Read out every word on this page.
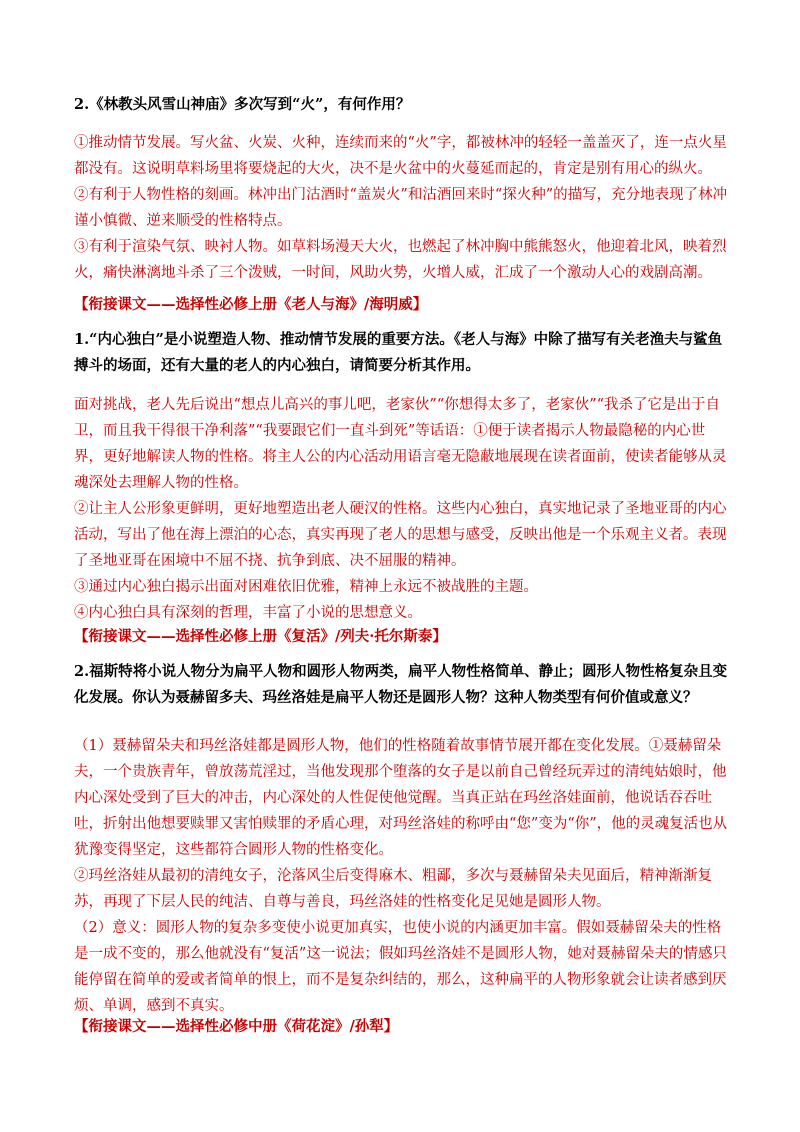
2.《林教头风雪山神庙》多次写到“火”，有何作用？

①推动情节发展。写火盆、火炭、火种，连续而来的“火”字，都被林冲的轻轻一盖盖灭了，连一点火星都没有。这说明草料场里将要烧起的大火，决不是火盆中的火蔓延而起的，肯定是别有用心的纵火。

②有利于人物性格的刻画。林冲出门沽酒时“盖炭火”和沽酒回来时“探火种”的描写，充分地表现了林冲谨小慎微、逆来顺受的性格特点。

③有利于渲染气氛、映衬人物。如草料场漫天大火，也燃起了林冲胸中熊熊怒火，他迎着北风，映着烈火，痛快淋漓地斗杀了三个泼贼，一时间，风助火势，火增人威，汇成了一个激动人心的戏剧高潮。

【衔接课文——选择性必修上册《老人与海》/海明威】
1.“内心独白”是小说塑造人物、推动情节发展的重要方法。《老人与海》中除了描写有关老渔夫与鲨鱼搏斗的场面，还有大量的老人的内心独白，请简要分析其作用。

面对挑战，老人先后说出“想点儿高兴的事儿吧，老家伙”“你想得太多了，老家伙”“我杀了它是出于自卫，而且我干得很干净利落”“我要跟它们一直斗到死”等话语：①便于读者揭示人物最隐秘的内心世界，更好地解读人物的性格。将主人公的内心活动用语言毫无隐蔽地展现在读者面前，使读者能够从灵魂深处去理解人物的性格。

②让主人公形象更鲜明，更好地塑造出老人硬汉的性格。这些内心独白，真实地记录了圣地亚哥的内心活动，写出了他在海上漂泊的心态，真实再现了老人的思想与感受，反映出他是一个乐观主义者。表现了圣地亚哥在困境中不屈不挠、抗争到底、决不屈服的精神。

③通过内心独白揭示出面对困难依旧优雅，精神上永远不被战胜的主题。

④内心独白具有深刻的哲理，丰富了小说的思想意义。

【衔接课文——选择性必修上册《复活》/列夫·托尔斯泰】
2.福斯特将小说人物分为扁平人物和圆形人物两类，扁平人物性格简单、静止；圆形人物性格复杂且变化发展。你认为聂赫留多夫、玛丝洛娃是扁平人物还是圆形人物？这种人物类型有何价值或意义？

（1）聂赫留朵夫和玛丝洛娃都是圆形人物，他们的性格随着故事情节展开都在变化发展。①聂赫留朵夫，一个贵族青年，曾放荡荒淫过，当他发现那个堕落的女子是以前自己曾经玩弄过的清纯姑娘时，他内心深处受到了巨大的冲击，内心深处的人性促使他觉醒。当真正站在玛丝洛娃面前，他说话吞吞吐吐，折射出他想要赎罪又害怕赎罪的矛盾心理，对玛丝洛娃的称呼由“您”变为“你”，他的灵魂复活也从犹豫变得坚定，这些都符合圆形人物的性格变化。

②玛丝洛娃从最初的清纯女子，沦落风尘后变得麻木、粗鄙，多次与聂赫留朵夫见面后，精神渐渐复苏，再现了下层人民的纯洁、自尊与善良，玛丝洛娃的性格变化足见她是圆形人物。

（2）意义：圆形人物的复杂多变使小说更加真实，也使小说的内涵更加丰富。假如聂赫留朵夫的性格是一成不变的，那么他就没有“复活”这一说法；假如玛丝洛娃不是圆形人物，她对聂赫留朵夫的情感只能停留在简单的爱或者简单的恨上，而不是复杂纠结的，那么，这种扁平的人物形象就会让读者感到厌烦、单调，感到不真实。

【衔接课文——选择性必修中册《荷花淀》/孙犁】
